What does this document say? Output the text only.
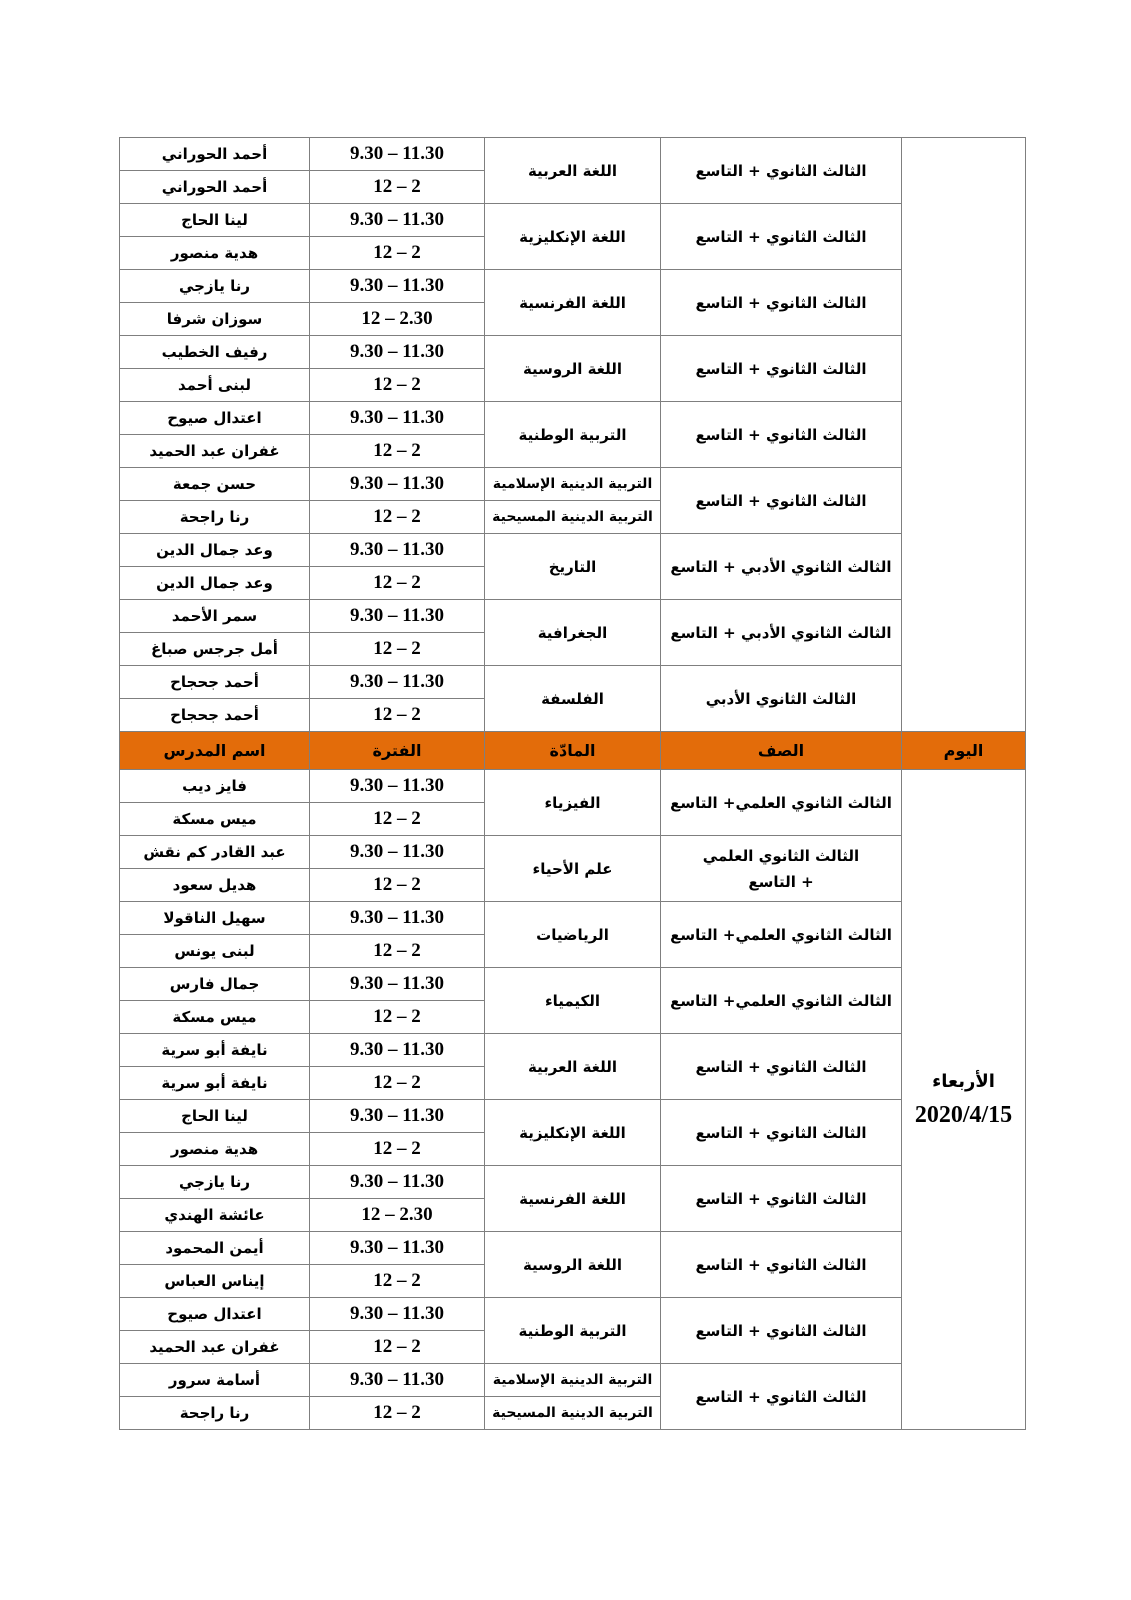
	الثالث الثانوي + التاسع	اللغة العربية	9.30 – 11.30	أحمد الحوراني
			12 – 2	أحمد الحوراني
	الثالث الثانوي + التاسع	اللغة الإنكليزية	9.30 – 11.30	لينا الحاج
			12 – 2	هدية منصور
	الثالث الثانوي + التاسع	اللغة الفرنسية	9.30 – 11.30	رنا يازجي
			12 – 2.30	سوزان شرفا
	الثالث الثانوي + التاسع	اللغة الروسية	9.30 – 11.30	رفيف الخطيب
			12 – 2	لبنى أحمد
	الثالث الثانوي + التاسع	التربية الوطنية	9.30 – 11.30	اعتدال صيوح
			12 – 2	غفران عبد الحميد
	الثالث الثانوي + التاسع	التربية الدينية الإسلامية	9.30 – 11.30	حسن جمعة
		التربية الدينية المسيحية	12 – 2	رنا راجحة
	الثالث الثانوي الأدبي + التاسع	التاريخ	9.30 – 11.30	وعد جمال الدين
			12 – 2	وعد جمال الدين
	الثالث الثانوي الأدبي + التاسع	الجغرافية	9.30 – 11.30	سمر الأحمد
			12 – 2	أمل جرجس صباغ
	الثالث الثانوي الأدبي	الفلسفة	9.30 – 11.30	أحمد جحجاح
			12 – 2	أحمد جحجاح
اليوم	الصف	المادّة	الفترة	اسم المدرس

الأربعاء
2020/4/15	الثالث الثانوي العلمي+ التاسع	الفيزياء	9.30 – 11.30	فايز ديب
			12 – 2	ميس مسكة

	الثالث الثانوي العلمي
+ التاسع	علم الأحياء	9.30 – 11.30	عبد القادر كم نقش
			12 – 2	هديل سعود
	الثالث الثانوي العلمي+ التاسع	الرياضيات	9.30 – 11.30	سهيل الناقولا
			12 – 2	لبنى يونس
	الثالث الثانوي العلمي+ التاسع	الكيمياء	9.30 – 11.30	جمال فارس
			12 – 2	ميس مسكة
	الثالث الثانوي + التاسع	اللغة العربية	9.30 – 11.30	نايفة أبو سرية
			12 – 2	نايفة أبو سرية
	الثالث الثانوي + التاسع	اللغة الإنكليزية	9.30 – 11.30	لينا الحاج
			12 – 2	هدية منصور
	الثالث الثانوي + التاسع	اللغة الفرنسية	9.30 – 11.30	رنا يازجي
			12 – 2.30	عائشة الهندي
	الثالث الثانوي + التاسع	اللغة الروسية	9.30 – 11.30	أيمن المحمود
			12 – 2	إيناس العباس
	الثالث الثانوي + التاسع	التربية الوطنية	9.30 – 11.30	اعتدال صيوح
			12 – 2	غفران عبد الحميد
	الثالث الثانوي + التاسع	التربية الدينية الإسلامية	9.30 – 11.30	أسامة سرور
		التربية الدينية المسيحية	12 – 2	رنا راجحة
